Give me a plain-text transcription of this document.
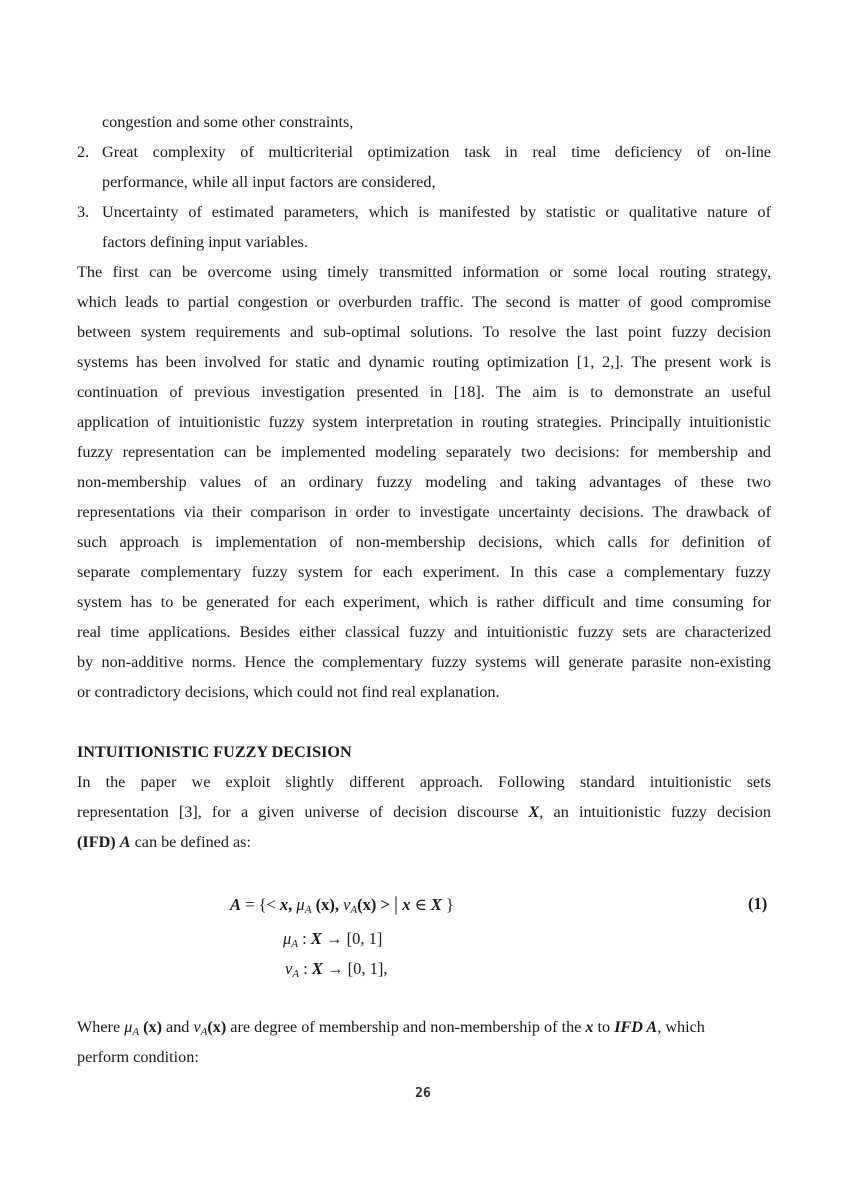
congestion and some other constraints,
2. Great complexity of multicriterial optimization task in real time deficiency of on-line
performance, while all input factors are considered,
3. Uncertainty of estimated parameters, which is manifested by statistic or qualitative nature of
factors defining input variables.
The first can be overcome using timely transmitted information or some local routing strategy,
which leads to partial congestion or overburden traffic. The second is matter of good compromise
between system requirements and sub-optimal solutions. To resolve the last point fuzzy decision
systems has been involved for static and dynamic routing optimization [1, 2,]. The present work is
continuation of previous investigation presented in [18]. The aim is to demonstrate an useful
application of intuitionistic fuzzy system interpretation in routing strategies. Principally intuitionistic
fuzzy representation can be implemented modeling separately two decisions: for membership and
non-membership values of an ordinary fuzzy modeling and taking advantages of these two
representations via their comparison in order to investigate uncertainty decisions. The drawback of
such approach is implementation of non-membership decisions, which calls for definition of
separate complementary fuzzy system for each experiment. In this case a complementary fuzzy
system has to be generated for each experiment, which is rather difficult and time consuming for
real time applications. Besides either classical fuzzy and intuitionistic fuzzy sets are characterized
by non-additive norms. Hence the complementary fuzzy systems will generate parasite non-existing
or contradictory decisions, which could not find real explanation.
INTUITIONISTIC FUZZY DECISION
In the paper we exploit slightly different approach. Following standard intuitionistic sets
representation [3], for a given universe of decision discourse X, an intuitionistic fuzzy decision
(IFD) A can be defined as:
A = {< x, $\mu_A$ (x), $\nu_A(x)$ > | x ∈ X }	(1)
$\mu_A$ : X → [0, 1]
$\nu_A$ : X → [0, 1],
Where $\mu_A$ (x) and $\nu_A(x)$ are degree of membership and non-membership of the x to IFD A, which
perform condition:
26
